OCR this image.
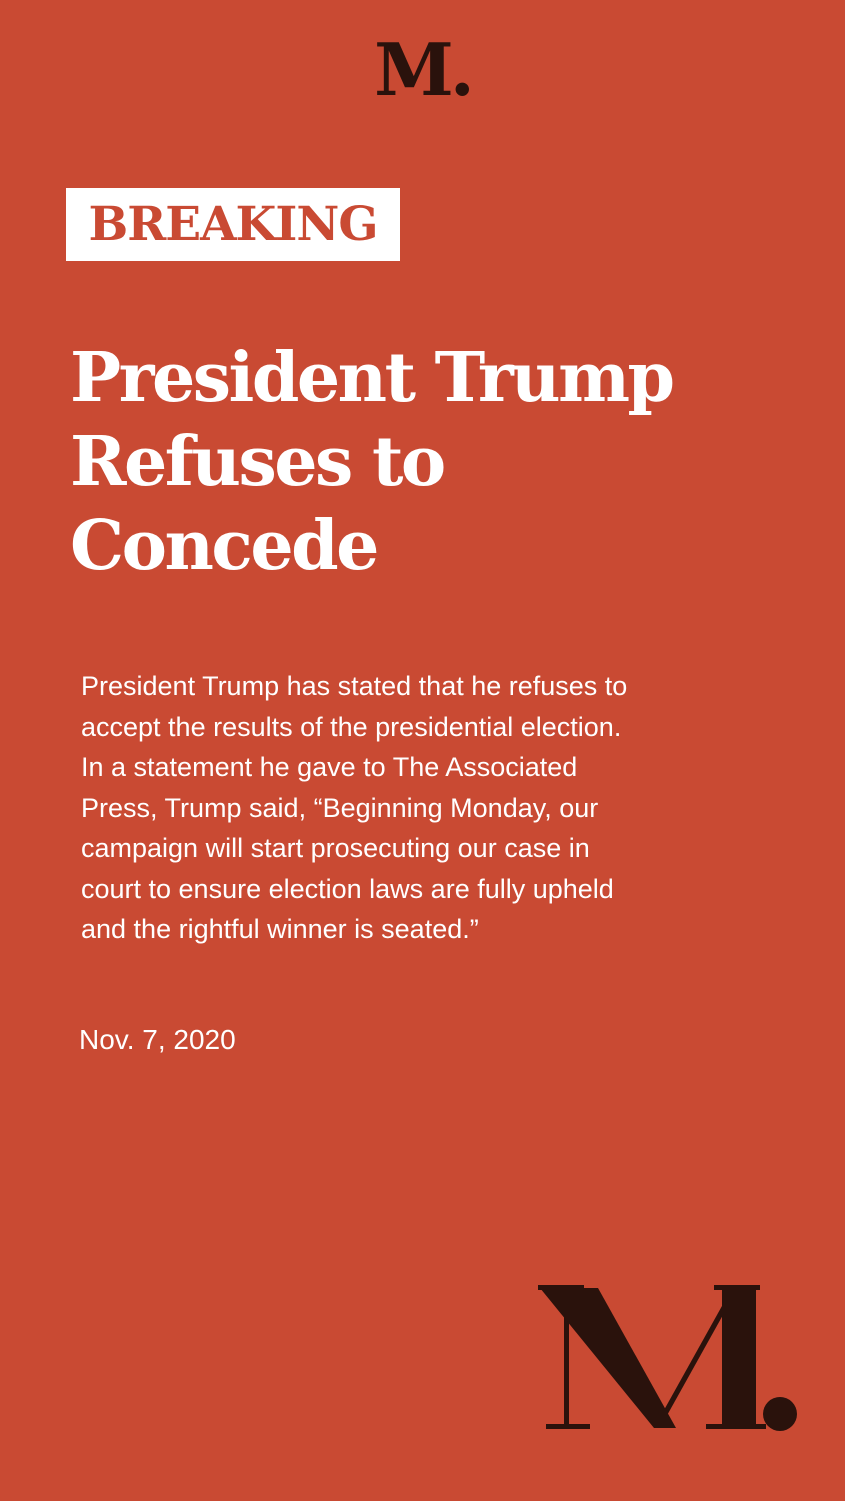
M.
BREAKING
President Trump
Refuses to
Concede

President Trump has stated that he refuses to
accept the results of the presidential election.
In a statement he gave to The Associated
Press, Trump said, “Beginning Monday, our
campaign will start prosecuting our case in
court to ensure election laws are fully upheld
and the rightful winner is seated.”

Nov. 7, 2020
